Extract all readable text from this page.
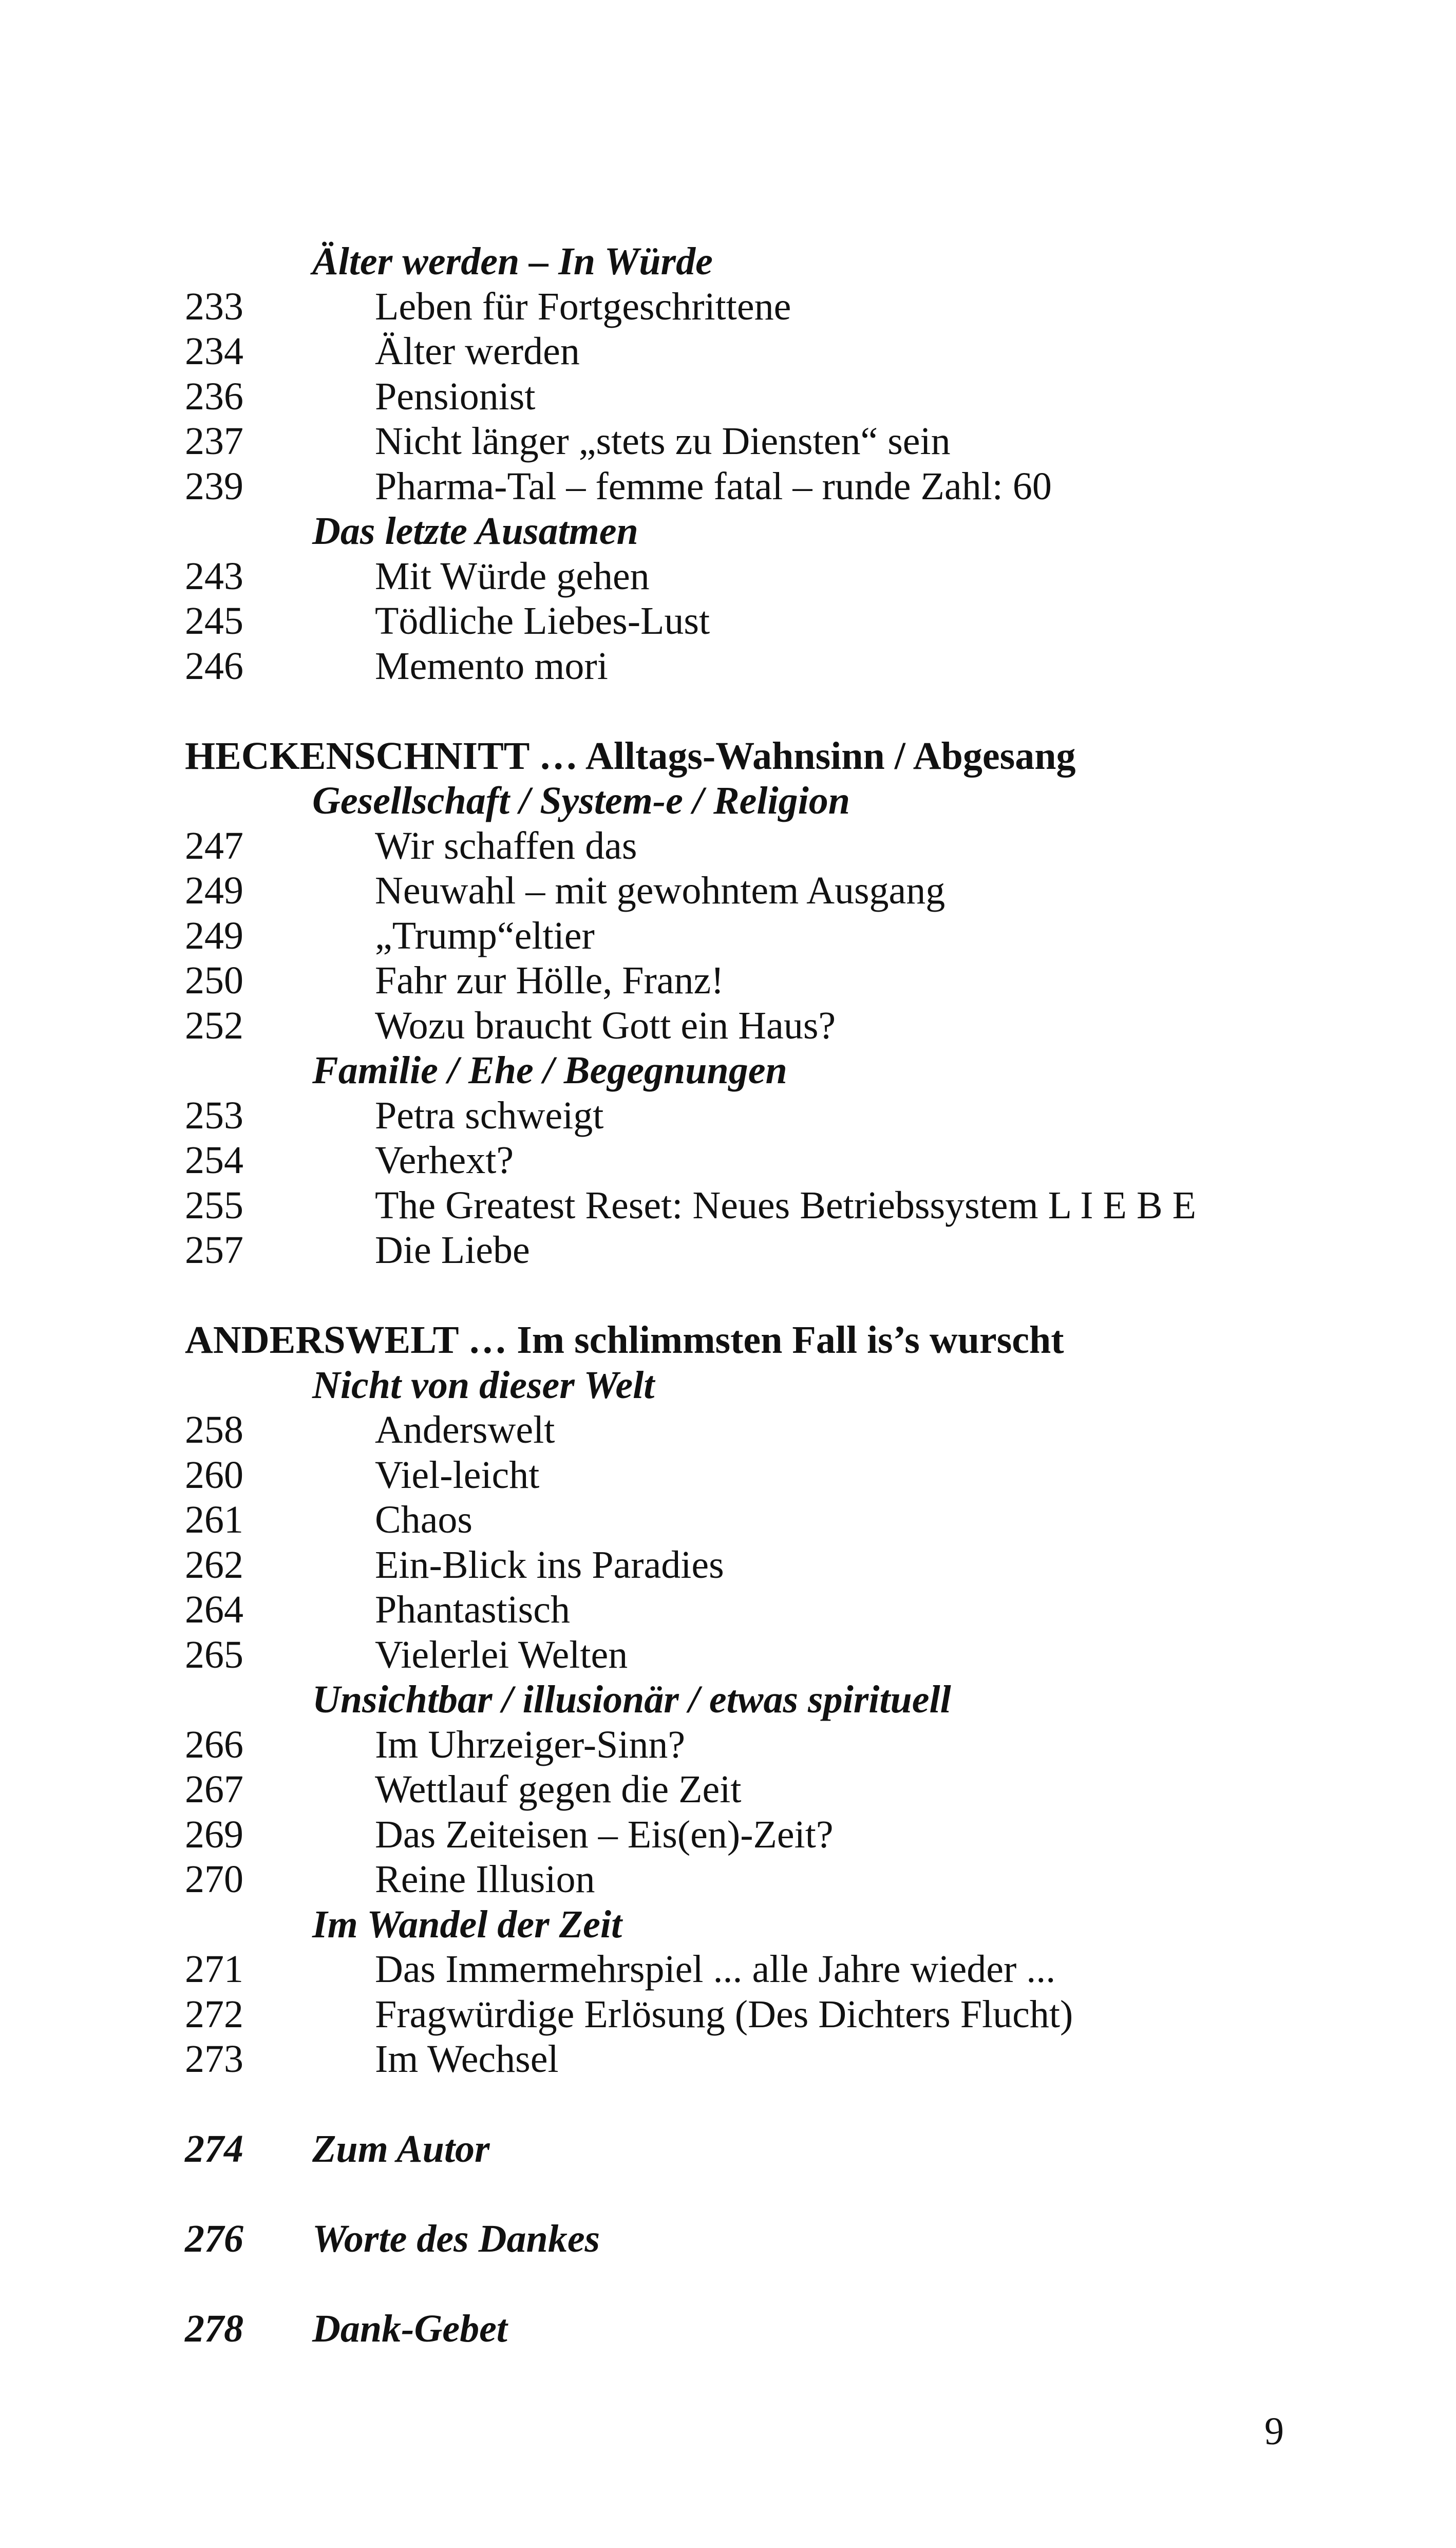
Älter werden – In Würde
233	Leben für Fortgeschrittene
234	Älter werden
236	Pensionist
237	Nicht länger „stets zu Diensten“ sein
239	Pharma-Tal – femme fatal – runde Zahl: 60
Das letzte Ausatmen
243	Mit Würde gehen
245	Tödliche Liebes-Lust
246	Memento mori
HECKENSCHNITT … Alltags-Wahnsinn / Abgesang
Gesellschaft / System-e / Religion
247	Wir schaffen das
249	Neuwahl – mit gewohntem Ausgang
249	„Trump“eltier
250	Fahr zur Hölle, Franz!
252	Wozu braucht Gott ein Haus?
Familie / Ehe / Begegnungen
253	Petra schweigt
254	Verhext?
255	The Greatest Reset: Neues Betriebssystem L I E B E
257	Die Liebe
ANDERSWELT … Im schlimmsten Fall is’s wurscht
Nicht von dieser Welt
258	Anderswelt
260	Viel-leicht
261	Chaos
262	Ein-Blick ins Paradies
264	Phantastisch
265	Vielerlei Welten
Unsichtbar / illusionär / etwas spirituell
266	Im Uhrzeiger-Sinn?
267	Wettlauf gegen die Zeit
269	Das Zeiteisen – Eis(en)-Zeit?
270	Reine Illusion
Im Wandel der Zeit
271	Das Immermehrspiel ... alle Jahre wieder ...
272	Fragwürdige Erlösung (Des Dichters Flucht)
273	Im Wechsel
274 Zum Autor
276 Worte des Dankes
278 Dank-Gebet
9
